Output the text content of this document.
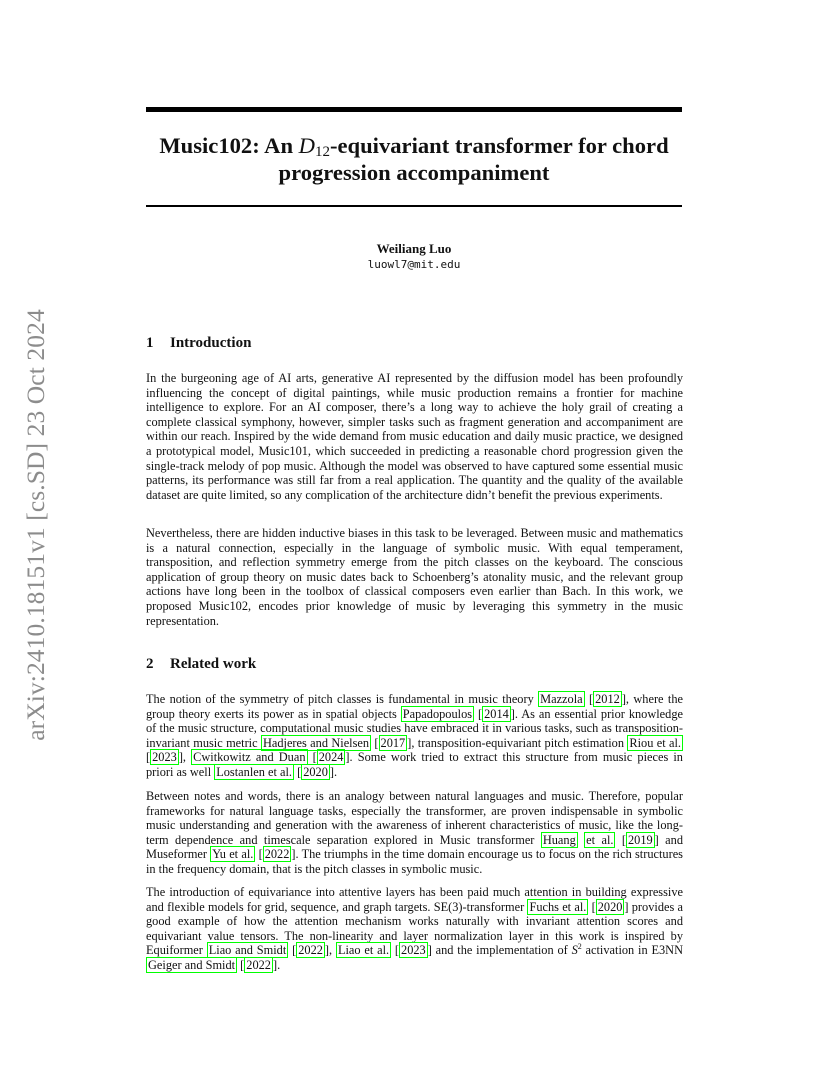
arXiv:2410.18151v1 [cs.SD] 23 Oct 2024
Music102: An $D_{12}$-equivariant transformer for chord
progression accompaniment
Weiliang Luo
luowl7@mit.edu
1 Introduction

In the burgeoning age of AI arts, generative AI represented by the diffusion model has been profoundly influencing the concept of digital paintings, while music production remains a frontier for machine intelligence to explore. For an AI composer, there’s a long way to achieve the holy grail of creating a complete classical symphony, however, simpler tasks such as fragment generation and accompaniment are within our reach. Inspired by the wide demand from music education and daily music practice, we designed a prototypical model, Music101, which succeeded in predicting a reasonable chord progression given the single-track melody of pop music. Although the model was observed to have captured some essential music patterns, its performance was still far from a real application. The quantity and the quality of the available dataset are quite limited, so any complication of the architecture didn’t benefit the previous experiments.

Nevertheless, there are hidden inductive biases in this task to be leveraged. Between music and mathematics is a natural connection, especially in the language of symbolic music. With equal temperament, transposition, and reflection symmetry emerge from the pitch classes on the keyboard. The conscious application of group theory on music dates back to Schoenberg’s atonality music, and the relevant group actions have long been in the toolbox of classical composers even earlier than Bach. In this work, we proposed Music102, encodes prior knowledge of music by leveraging this symmetry in the music representation.

2 Related work

The notion of the symmetry of pitch classes is fundamental in music theory Mazzola [ 2012 ], where the group theory exerts its power as in spatial objects Papadopoulos [ 2014 ]. As an essential prior knowledge of the music structure, computational music studies have embraced it in various tasks, such as transposition-invariant music metric Hadjeres and Nielsen [ 2017 ], transposition-equivariant pitch estimation Riou et al. [ 2023 ], Cwitkowitz and Duan [ 2024 ]. Some work tried to extract this structure from music pieces in priori as well Lostanlen et al. [ 2020 ].

Between notes and words, there is an analogy between natural languages and music. Therefore, popular frameworks for natural language tasks, especially the transformer, are proven indispensable in symbolic music understanding and generation with the awareness of inherent characteristics of music, like the long-term dependence and timescale separation explored in Music transformer Huang et al. [ 2019 ] and Museformer Yu et al. [ 2022 ]. The triumphs in the time domain encourage us to focus on the rich structures in the frequency domain, that is the pitch classes in symbolic music.

The introduction of equivariance into attentive layers has been paid much attention in building expressive and flexible models for grid, sequence, and graph targets. SE(3)-transformer Fuchs et al. [ 2020 ] provides a good example of how the attention mechanism works naturally with invariant attention scores and equivariant value tensors. The non-linearity and layer normalization layer in this work is inspired by Equiformer Liao and Smidt [ 2022 ], Liao et al. [ 2023 ] and the implementation of $S^2$ activation in E3NN Geiger and Smidt [ 2022 ].
